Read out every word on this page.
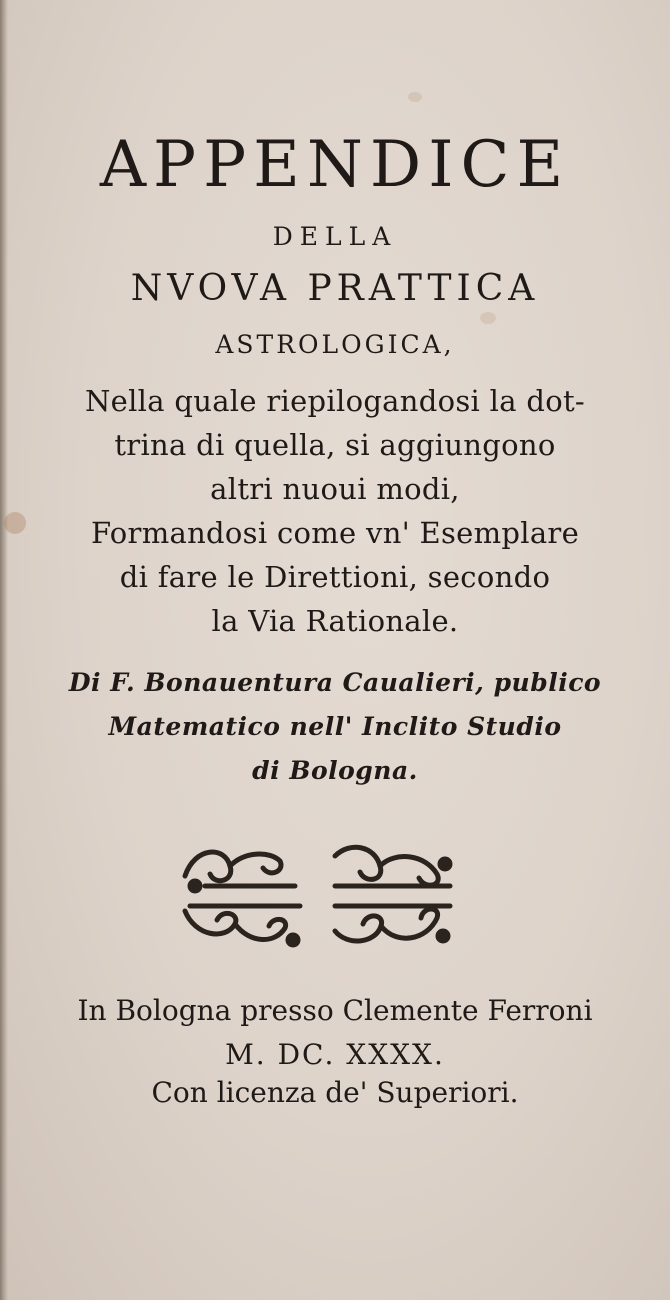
APPENDICE
DELLA
NVOVA PRATTICA
ASTROLOGICA,
Nella quale riepilogandosi la dot-
trina di quella, si aggiungono
altri nuoui modi,
Formandosi come vn' Esemplare
di fare le Direttioni, secondo
la Via Rationale.
Di F. Bonauentura Caualieri, publico
Matematico nell' Inclito Studio
di Bologna.
In Bologna presso Clemente Ferroni
M. DC. XXXX.
Con licenza de' Superiori.
